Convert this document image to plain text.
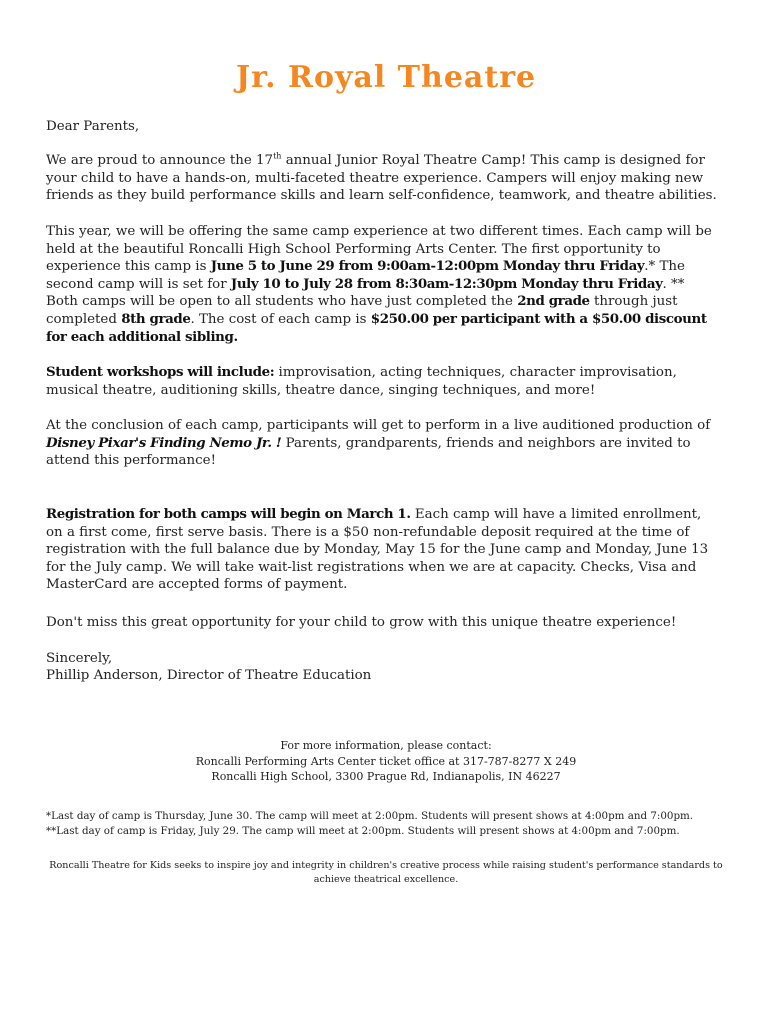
Jr. Royal Theatre

Dear Parents,

We are proud to announce the 17th annual Junior Royal Theatre Camp! This camp is designed for your child to have a hands-on, multi-faceted theatre experience. Campers will enjoy making new friends as they build performance skills and learn self-confidence, teamwork, and theatre abilities.

This year, we will be offering the same camp experience at two different times. Each camp will be held at the beautiful Roncalli High School Performing Arts Center. The first opportunity to experience this camp is June 5 to June 29 from 9:00am-12:00pm Monday thru Friday.* The second camp will is set for July 10 to July 28 from 8:30am-12:30pm Monday thru Friday. ** Both camps will be open to all students who have just completed the 2nd grade through just completed 8th grade. The cost of each camp is $250.00 per participant with a $50.00 discount for each additional sibling.

Student workshops will include: improvisation, acting techniques, character improvisation, musical theatre, auditioning skills, theatre dance, singing techniques, and more!

At the conclusion of each camp, participants will get to perform in a live auditioned production of Disney Pixar's Finding Nemo Jr. ! Parents, grandparents, friends and neighbors are invited to attend this performance!

Registration for both camps will begin on March 1. Each camp will have a limited enrollment, on a first come, first serve basis. There is a $50 non-refundable deposit required at the time of registration with the full balance due by Monday, May 15 for the June camp and Monday, June 13 for the July camp. We will take wait-list registrations when we are at capacity. Checks, Visa and MasterCard are accepted forms of payment.

Don't miss this great opportunity for your child to grow with this unique theatre experience!

Sincerely,

Phillip Anderson, Director of Theatre Education

For more information, please contact:
Roncalli Performing Arts Center ticket office at 317-787-8277 X 249
Roncalli High School, 3300 Prague Rd, Indianapolis, IN 46227
*Last day of camp is Thursday, June 30. The camp will meet at 2:00pm. Students will present shows at 4:00pm and 7:00pm.
**Last day of camp is Friday, July 29. The camp will meet at 2:00pm. Students will present shows at 4:00pm and 7:00pm.
Roncalli Theatre for Kids seeks to inspire joy and integrity in children's creative process while raising student's performance standards to achieve theatrical excellence.
